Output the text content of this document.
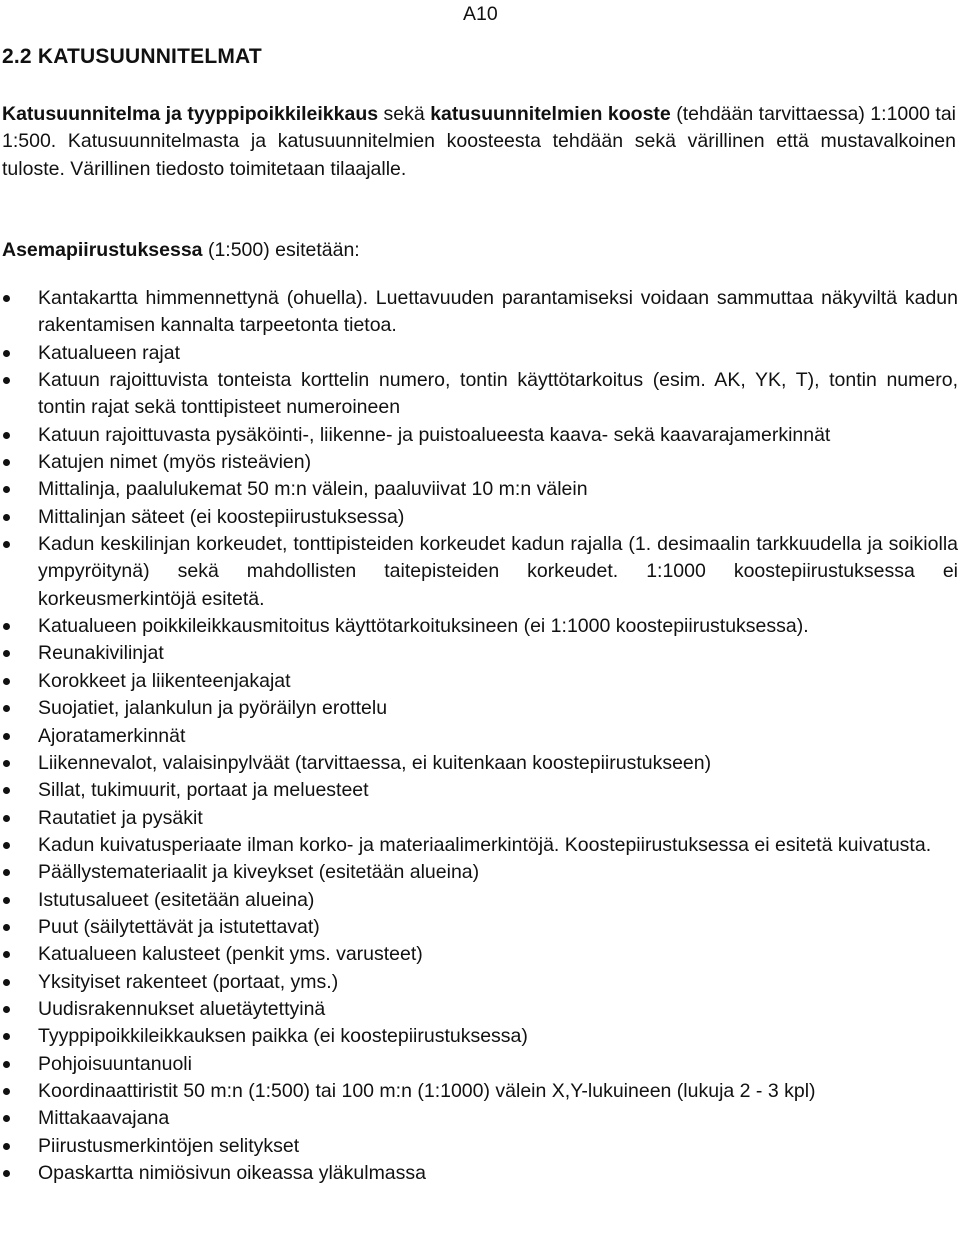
A10
2.2 KATUSUUNNITELMAT

Katusuunnitelma ja tyyppipoikkileikkaus sekä katusuunnitelmien kooste (tehdään tarvittaessa) 1:1000 tai 1:500. Katusuunnitelmasta ja katusuunnitelmien koosteesta tehdään sekä värillinen että mustavalkoinen tuloste. Värillinen tiedosto toimitetaan tilaajalle.

Asemapiirustuksessa (1:500) esitetään:

Kantakartta himmennettynä (ohuella). Luettavuuden parantamiseksi voidaan sammuttaa näkyviltä kadun rakentamisen kannalta tarpeetonta tietoa.
Katualueen rajat
Katuun rajoittuvista tonteista korttelin numero, tontin käyttötarkoitus (esim. AK, YK, T), tontin numero, tontin rajat sekä tonttipisteet numeroineen
Katuun rajoittuvasta pysäköinti-, liikenne- ja puistoalueesta kaava- sekä kaavarajamerkinnät
Katujen nimet (myös risteävien)
Mittalinja, paalulukemat 50 m:n välein, paaluviivat 10 m:n välein
Mittalinjan säteet (ei koostepiirustuksessa)
Kadun keskilinjan korkeudet, tonttipisteiden korkeudet kadun rajalla (1. desimaalin tarkkuudella ja soikiolla ympyröitynä) sekä mahdollisten taitepisteiden korkeudet. 1:1000 koostepiirustuksessa ei korkeusmerkintöjä esitetä.
Katualueen poikkileikkausmitoitus käyttötarkoituksineen (ei 1:1000 koostepiirustuksessa).
Reunakivilinjat
Korokkeet ja liikenteenjakajat
Suojatiet, jalankulun ja pyöräilyn erottelu
Ajoratamerkinnät
Liikennevalot, valaisinpylväät (tarvittaessa, ei kuitenkaan koostepiirustukseen)
Sillat, tukimuurit, portaat ja meluesteet
Rautatiet ja pysäkit
Kadun kuivatusperiaate ilman korko- ja materiaalimerkintöjä. Koostepiirustuksessa ei esitetä kuivatusta.
Päällystemateriaalit ja kiveykset (esitetään alueina)
Istutusalueet (esitetään alueina)
Puut (säilytettävät ja istutettavat)
Katualueen kalusteet (penkit yms. varusteet)
Yksityiset rakenteet (portaat, yms.)
Uudisrakennukset aluetäytettyinä
Tyyppipoikkileikkauksen paikka (ei koostepiirustuksessa)
Pohjoisuuntanuoli
Koordinaattiristit 50 m:n (1:500) tai 100 m:n (1:1000) välein X,Y-lukuineen (lukuja 2 - 3 kpl)
Mittakaavajana
Piirustusmerkintöjen selitykset
Opaskartta nimiösivun oikeassa yläkulmassa
